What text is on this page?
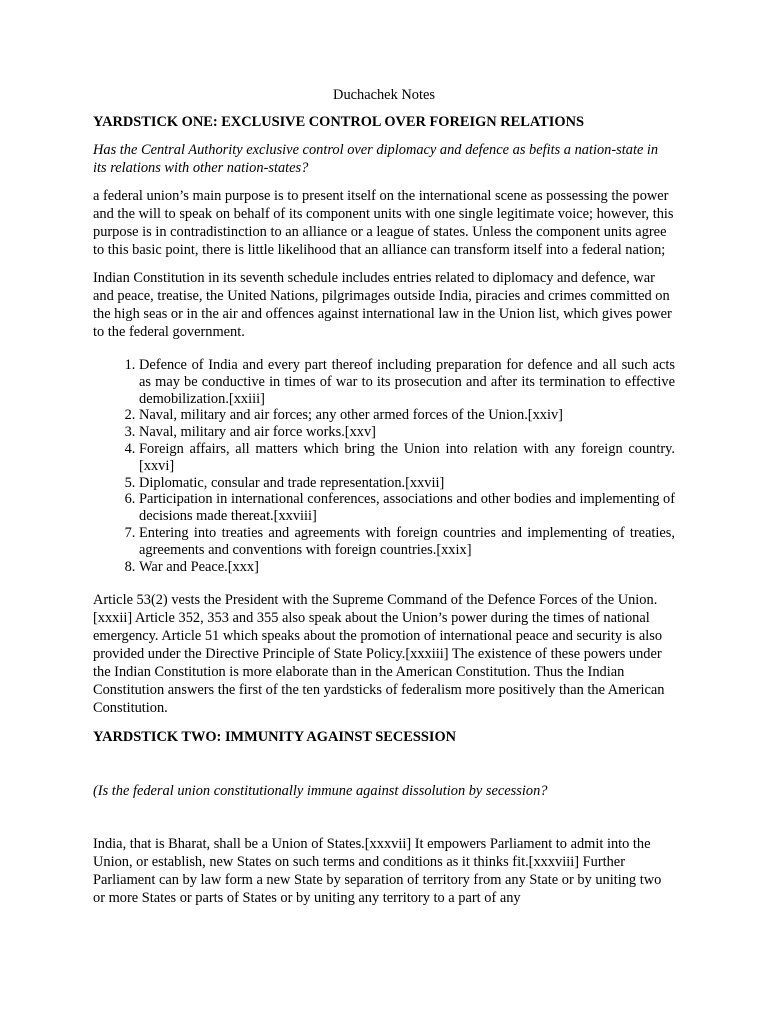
Duchachek Notes
YARDSTICK ONE: EXCLUSIVE CONTROL OVER FOREIGN RELATIONS
Has the Central Authority exclusive control over diplomacy and defence as befits a nation-state in its relations with other nation-states?

a federal union’s main purpose is to present itself on the international scene as possessing the power and the will to speak on behalf of its component units with one single legitimate voice; however, this purpose is in contradistinction to an alliance or a league of states. Unless the component units agree to this basic point, there is little likelihood that an alliance can transform itself into a federal nation;

Indian Constitution in its seventh schedule includes entries related to diplomacy and defence, war and peace, treatise, the United Nations, pilgrimages outside India, piracies and crimes committed on the high seas or in the air and offences against international law in the Union list, which gives power to the federal government.

1. Defence of India and every part thereof including preparation for defence and all such acts as may be conductive in times of war to its prosecution and after its termination to effective demobilization.[xxiii]
2. Naval, military and air forces; any other armed forces of the Union.[xxiv]
3. Naval, military and air force works.[xxv]
4. Foreign affairs, all matters which bring the Union into relation with any foreign country.[xxvi]
5. Diplomatic, consular and trade representation.[xxvii]
6. Participation in international conferences, associations and other bodies and implementing of decisions made thereat.[xxviii]
7. Entering into treaties and agreements with foreign countries and implementing of treaties, agreements and conventions with foreign countries.[xxix]
8. War and Peace.[xxx]

Article 53(2) vests the President with the Supreme Command of the Defence Forces of the Union.[xxxii] Article 352, 353 and 355 also speak about the Union’s power during the times of national emergency. Article 51 which speaks about the promotion of international peace and security is also provided under the Directive Principle of State Policy.[xxxiii] The existence of these powers under the Indian Constitution is more elaborate than in the American Constitution. Thus the Indian Constitution answers the first of the ten yardsticks of federalism more positively than the American Constitution.

YARDSTICK TWO: IMMUNITY AGAINST SECESSION
(Is the federal union constitutionally immune against dissolution by secession?

India, that is Bharat, shall be a Union of States.[xxxvii] It empowers Parliament to admit into the Union, or establish, new States on such terms and conditions as it thinks fit.[xxxviii] Further Parliament can by law form a new State by separation of territory from any State or by uniting two or more States or parts of States or by uniting any territory to a part of any
